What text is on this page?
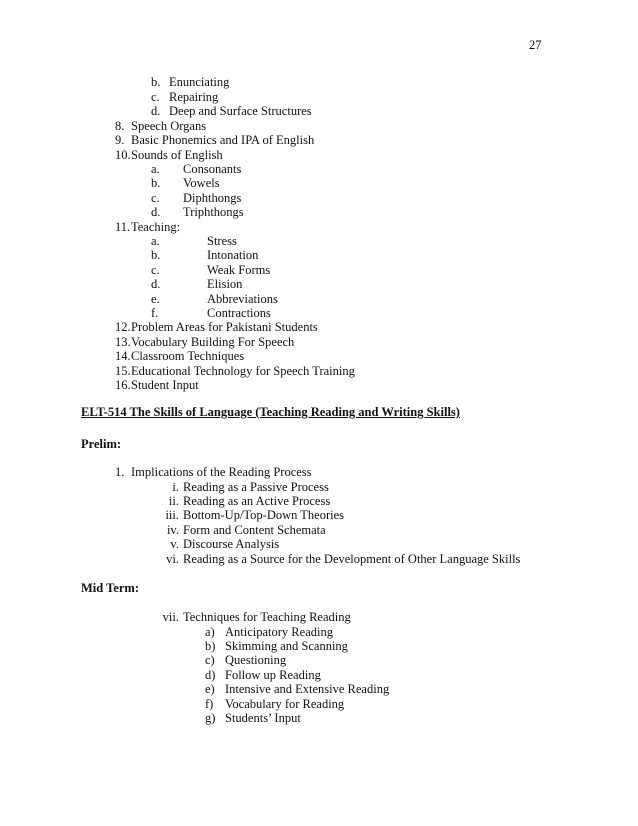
27
b. Enunciating
c. Repairing
d. Deep and Surface Structures
8. Speech Organs
9. Basic Phonemics and IPA of English
10. Sounds of English
a. Consonants
b. Vowels
c. Diphthongs
d. Triphthongs
11. Teaching:
a.	Stress
b.	Intonation
c.	Weak Forms
d.	Elision
e.	Abbreviations
f.	Contractions
12. Problem Areas for Pakistani Students
13. Vocabulary Building For Speech
14. Classroom Techniques
15. Educational Technology for Speech Training
16. Student Input
ELT-514 The Skills of Language (Teaching Reading and Writing Skills)
Prelim:
1. Implications of the Reading Process
i. Reading as a Passive Process
ii. Reading as an Active Process
iii. Bottom-Up/Top-Down Theories
iv. Form and Content Schemata
v. Discourse Analysis
vi. Reading as a Source for the Development of Other Language Skills
Mid Term:
vii. Techniques for Teaching Reading
a) Anticipatory Reading
b) Skimming and Scanning
c) Questioning
d) Follow up Reading
e) Intensive and Extensive Reading
f) Vocabulary for Reading
g) Students’ Input
